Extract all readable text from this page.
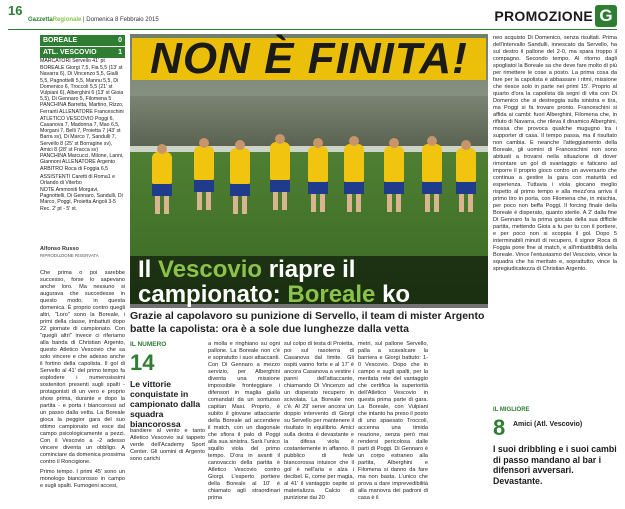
16
GazzettaRegionale | Domenica 8 Febbraio 2015	PROMOZIONE G
BOREALE	0
ATL. VESCOVIO	1

MARCATORI Servello 41' pt

BOREALE Giorgi 7,5, Fia 5,5 (13' st Navarra 6), Di Vincenzo 5,5, Gialli 5,5, Pagnottelli 5,5, Mannu 5,5, Di Domenico 6, Troccoli 5,5 (21' st Vulpiani 6), Alberghini 6 (13' st Gioia 5,5), Di Gennaro 5, Filomena 5 PANCHINA Barretta, Martino, Rizzo, Ferranti ALLENATORE Franceschini

ATLETICO VESCOVIO Poggi 6, Casanova 7, Madonna 7, Mao 6,5, Morgani 7, Belli 7, Proietta 7 (43' st Barra sv), Di Marco 7, Sandulli 7, Servello 8 (25' st Borragine sv), Amici 8 (28' st Fracca sv) PANCHINA Marcucci, Milone, Lanni, Giannoni ALLENATORE Argento

ARBITRO Roca di Foggia 6,5

ASSISTENTI Caretti di Roma1 e Orlando di Viterbo

NOTE Ammoniti Morgavi, Pagnottelli, Di Gennaro, Sandulli, Di Marco, Poggi, Proietta Angoli 3-5 Rec. 2' pt - 5' st.

Alfonso Russo
RIPRODUZIONE RISERVATA
NON È FINITA!
Il Vescovio riapre il campionato: Boreale ko
Grazie al capolavoro su punizione di Servello, il team di mister Argento batte la capolista: ora è a sole due lunghezze dalla vetta

Che prima o poi sarebbe successo, forse lo sapevano anche loro. Ma nessuno si augurava che succedesse in questo modo, in questa domenica. È proprio contro quegli altri, "Loro" sono la Boreale, i primi della classe, imbattuti dopo 22 giornate di campionato. Con "quegli altri" invece ci riferiamo alla banda di Christian Argento, questo Atletico Vescovio che sa solo vincere e che adesso anche il fortino della capolista. Il gol di Servello al 41' del primo tempo fa esplodere i numerosissimi sostenitori presenti sugli spalti - protagonisti di un vero e proprio show prima, durante e dopo la partita - e porta i biancorossi ad un passo dalla vetta. La Boreale gioca la peggior gara del suo ottimo campionato ed esce dal campo psicologicamente a pezzi. Con il Vescovio a -2 adesso vincere diventa un obbligo. A cominciare da domenica prossima contro il Roncigione.

Primo tempo. I primi 45' sono un monologo biancorosso in campo e sugli spalti. Fumogeni accesi,

IL NUMERO
14
Le vittorie conquistate in campionato dalla squadra biancorossa
bandiere al vento e tanto Atletico Vescovio sul tappeto verde dell'Academy Sport Center. Gli uomini di Argento sono carichi
a molla e ringhiano su ogni pallone. La Boreale non c'è e sopratutto i suoi attaccanti. Con Di Gennaro a mezzo servizio, per Alberghini diventa una missione impossibile fronteggiare i difensori in maglia gialla comandati da un sontuoso capitan Masi. Proprio, è subito il giovane attaccante della Boreale ad accendere il match, con un diagonale che sfiora il palo di Poggi alla sua sinistra. Sarà l'unico squillo viola del primo tempo. D'ora in avanti il canovaccio della partita è Atletico Vescovio contro Giorgi. L'esperto portiere della Boreale al 10' è chiamato agli straordinari prima
sul colpo di testa di Proietta, poi sul rasoterra di Casanova dal limite. Gli ospiti vanno forte e al 17' è ancora Casanova a vestire i panni dell'attaccante, chiamando Di Vincenzo ad un disperato recupero in scivolata. La Boreale non c'è. Al 29' serve ancora un doppio intervento di Giorgi su Servello per mantenere il risultato in equilibrio. Amici sulla destra è devastante e la difesa viola è costantemente in affanno. Il pubblico di fede biancorossa intuisce che il gol è nell'aria e alza i decibel. E, come per magia, al 41' il vantaggio ospite si materializza. Calcio di punizione dai 20
metri, sul pallone Servello, palla a scavalcare la barriera e Giorgi battuto: 1-0 Vescovio. Dopo che in campo e sugli spalti, per la meritata rete del vantaggio che certifica la superiorità dell'Atletico Vescovio in questa prima parte di gara. La Boreale, con Vulpiani che intanto ha preso il posto di uno spaesato Troccoli, accenna una timida reazione, senza però mai rendersi pericolosa dalle parti di Poggi. Di Gennaro è un corpo estraneo alla partita, Alberghini e Filomena si danno da fare ma non basta. L'unico che prova a dare imprevedibilità alla manovra dei padroni di casa è il
neo acquisto Di Domenico, senza risultati. Prima dell'intervallo Sandulli, innescato da Servello, ha sul destro il pallone del 2-0, ma spara troppo il compagno. Secondo tempo. Al ritorno dagli spogliatoi la Boreale sa che deve fare molto di più per rimettere le cose a posto. La prima cosa da fare per la capolista è abbassare i ritmi, missione che riesce solo in parte nei primi 15'. Proprio al quarto d'ora la capolista dà segni di vita con Di Domenico che si destreggia sulla sinistra e tira, ma Poggi si fa trovare pronto. Franceschini si affida ai cambi: fuori Alberghini, Filomena che, in rifiuto di Navarra, che rileva il dinamico Alberghini, mossa che provoca qualche mugugno tra i supporter di casa. Il tempo passa, ma il risultato non cambia. E neanche l'atteggiamento della Boreale, gli uomini di Franceschini non sono abituati a trovarsi nella situazione di dover rimontare un gol di svantaggio e faticano ad imporre il proprio gioco contro un avversario che continua a gestire la gara con maturità ed esperienza. Tuttavia i viola giocano meglio rispetto al primo tempo e alla mezz'ora arriva il primo tiro in porta, con Filomena che, in mischia, per poco non beffa Poggi. Il forcing finale della Boreale è disperato, quanto sterile. A 2' dalla fine Di Gennaro fa la prima giocata della sua difficile partita, mettendo Gioia a tu per tu con il portiere, e per poco non si scoppia il gol. Dopo 5 interminabili minuti di recupero, il signor Roca di Foggia pone fine al match, e all'imbattibilità della Boreale. Vince l'entusiasmo del Vescovio, vince la squadra che ha meritato e, soprattutto, vince la spregiudicatezza di Christian Argento.
IL MIGLIORE
8 Amici (Atl. Vescovio)
I suoi dribbling e i suoi cambi di passo mandano al bar i difensori avversari. Devastante.
